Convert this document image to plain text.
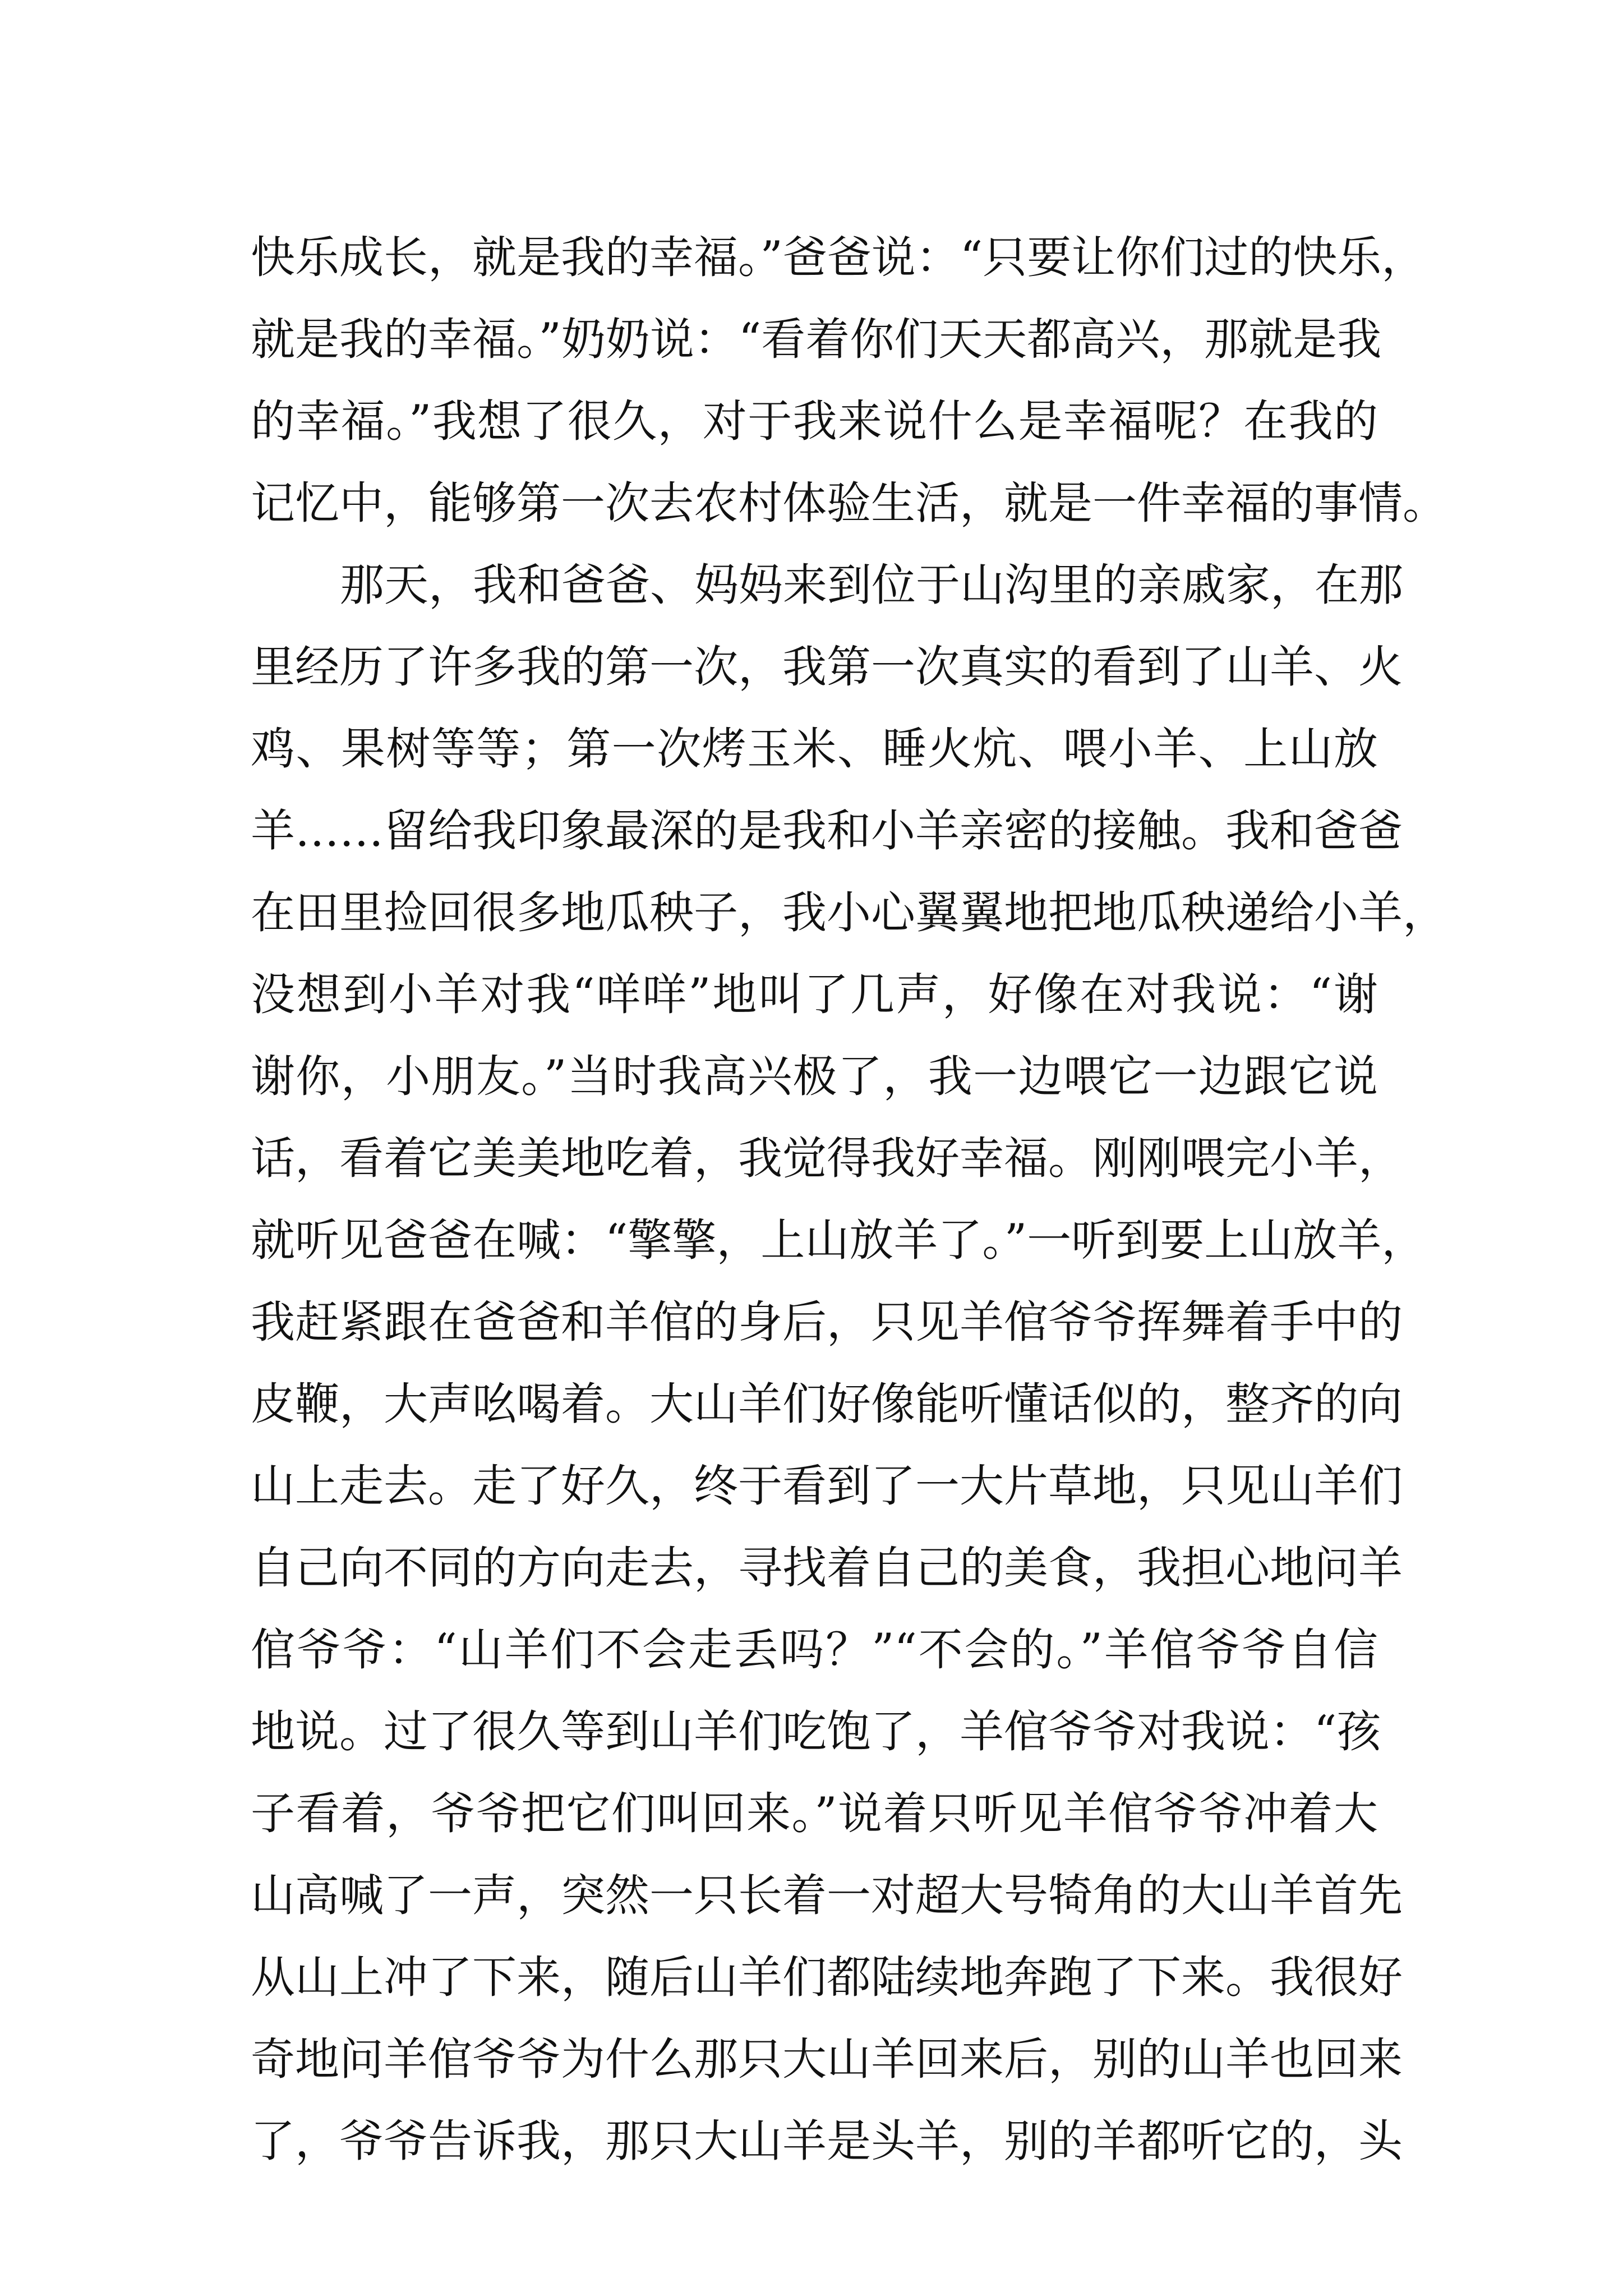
快乐成长，就是我的幸福。”爸爸说：“只要让你们过的快乐，
就是我的幸福。”奶奶说：“看着你们天天都高兴，那就是我
的幸福。”我想了很久，对于我来说什么是幸福呢？在我的
记忆中，能够第一次去农村体验生活，就是一件幸福的事情。
那天，我和爸爸、妈妈来到位于山沟里的亲戚家，在那
里经历了许多我的第一次，我第一次真实的看到了山羊、火
鸡、果树等等；第一次烤玉米、睡火炕、喂小羊、上山放
羊……留给我印象最深的是我和小羊亲密的接触。我和爸爸
在田里捡回很多地瓜秧子，我小心翼翼地把地瓜秧递给小羊，
没想到小羊对我“咩咩”地叫了几声，好像在对我说：“谢
谢你，小朋友。”当时我高兴极了，我一边喂它一边跟它说
话，看着它美美地吃着，我觉得我好幸福。刚刚喂完小羊，
就听见爸爸在喊：“擎擎，上山放羊了。”一听到要上山放羊，
我赶紧跟在爸爸和羊倌的身后，只见羊倌爷爷挥舞着手中的
皮鞭，大声吆喝着。大山羊们好像能听懂话似的，整齐的向
山上走去。走了好久，终于看到了一大片草地，只见山羊们
自己向不同的方向走去，寻找着自己的美食，我担心地问羊
倌爷爷：“山羊们不会走丢吗？”“不会的。”羊倌爷爷自信
地说。过了很久等到山羊们吃饱了，羊倌爷爷对我说：“孩
子看着，爷爷把它们叫回来。”说着只听见羊倌爷爷冲着大
山高喊了一声，突然一只长着一对超大号犄角的大山羊首先
从山上冲了下来，随后山羊们都陆续地奔跑了下来。我很好
奇地问羊倌爷爷为什么那只大山羊回来后，别的山羊也回来
了，爷爷告诉我，那只大山羊是头羊，别的羊都听它的，头
